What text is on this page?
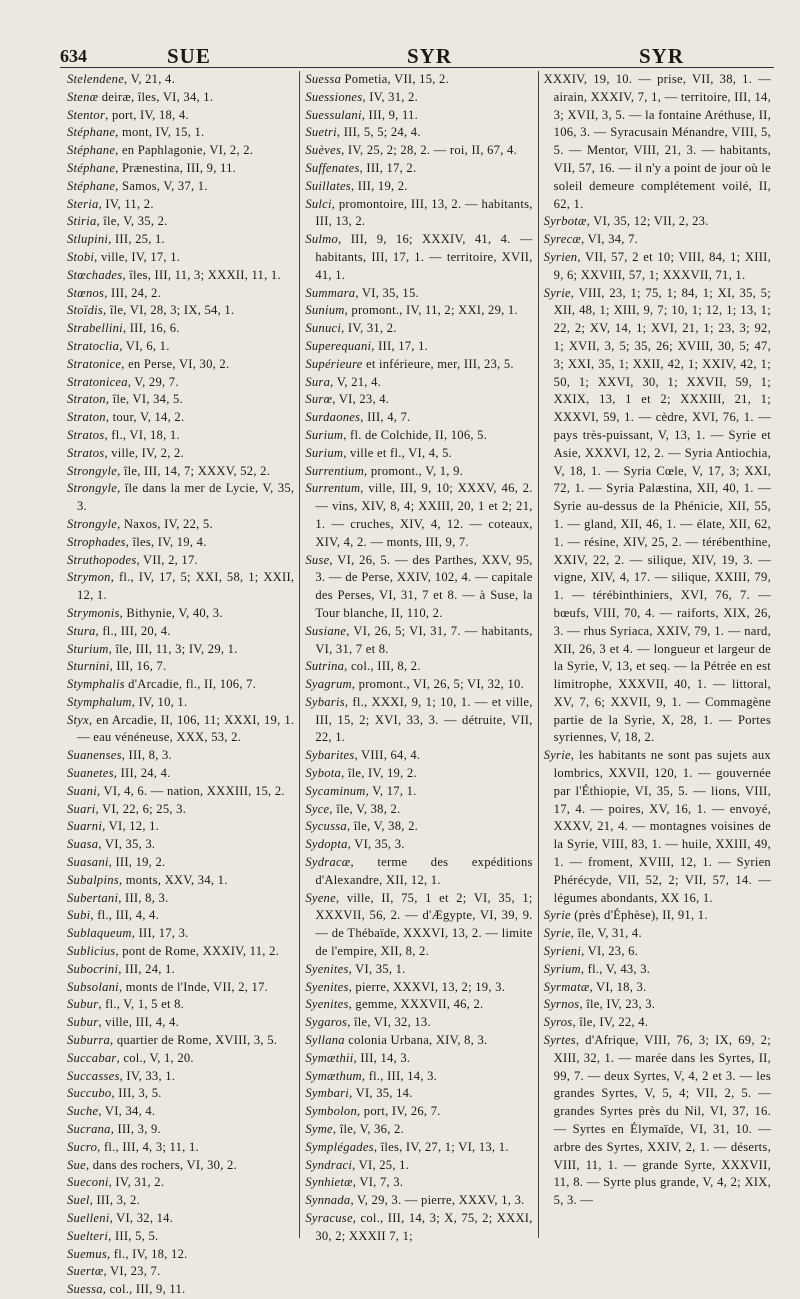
634	SUE	SYR	SYR

Stelendene, V, 21, 4.

Stenæ deiræ, îles, VI, 34, 1.

Stentor, port, IV, 18, 4.

Stéphane, mont, IV, 15, 1.

Stéphane, en Paphlagonie, VI, 2, 2.

Stéphane, Prænestina, III, 9, 11.

Stéphane, Samos, V, 37, 1.

Steria, IV, 11, 2.

Stiria, île, V, 35, 2.

Stlupini, III, 25, 1.

Stobi, ville, IV, 17, 1.

Stœchades, îles, III, 11, 3; XXXII, 11, 1.

Stœnos, III, 24, 2.

Stoïdis, île, VI, 28, 3; IX, 54, 1.

Strabellini, III, 16, 6.

Stratoclia, VI, 6, 1.

Stratonice, en Perse, VI, 30, 2.

Stratonicea, V, 29, 7.

Straton, île, VI, 34, 5.

Straton, tour, V, 14, 2.

Stratos, fl., VI, 18, 1.

Stratos, ville, IV, 2, 2.

Strongyle, île, III, 14, 7; XXXV, 52, 2.

Strongyle, île dans la mer de Lycie, V, 35, 3.

Strongyle, Naxos, IV, 22, 5.

Strophades, îles, IV, 19, 4.

Struthopodes, VII, 2, 17.

Strymon, fl., IV, 17, 5; XXI, 58, 1; XXII, 12, 1.

Strymonis, Bithynie, V, 40, 3.

Stura, fl., III, 20, 4.

Sturium, île, III, 11, 3; IV, 29, 1.

Sturnini, III, 16, 7.

Stymphalis d'Arcadie, fl., II, 106, 7.

Stymphalum, IV, 10, 1.

Styx, en Arcadie, II, 106, 11; XXXI, 19, 1. — eau vénéneuse, XXX, 53, 2.

Suanenses, III, 8, 3.

Suanetes, III, 24, 4.

Suani, VI, 4, 6. — nation, XXXIII, 15, 2.

Suari, VI, 22, 6; 25, 3.

Suarni, VI, 12, 1.

Suasa, VI, 35, 3.

Suasani, III, 19, 2.

Subalpins, monts, XXV, 34, 1.

Subertani, III, 8, 3.

Subi, fl., III, 4, 4.

Sublaqueum, III, 17, 3.

Sublicius, pont de Rome, XXXIV, 11, 2.

Subocrini, III, 24, 1.

Subsolani, monts de l'Inde, VII, 2, 17.

Subur, fl., V, 1, 5 et 8.

Subur, ville, III, 4, 4.

Suburra, quartier de Rome, XVIII, 3, 5.

Succabar, col., V, 1, 20.

Succasses, IV, 33, 1.

Succubo, III, 3, 5.

Suche, VI, 34, 4.

Sucrana, III, 3, 9.

Sucro, fl., III, 4, 3; 11, 1.

Sue, dans des rochers, VI, 30, 2.

Sueconi, IV, 31, 2.

Suel, III, 3, 2.

Suelleni, VI, 32, 14.

Suelteri, III, 5, 5.

Suemus, fl., IV, 18, 12.

Suertæ, VI, 23, 7.

Suessa, col., III, 9, 11.

Suessa Pometia, VII, 15, 2.

Suessiones, IV, 31, 2.

Suessulani, III, 9, 11.

Suetri, III, 5, 5; 24, 4.

Suèves, IV, 25, 2; 28, 2. — roi, II, 67, 4.

Suffenates, III, 17, 2.

Suillates, III, 19, 2.

Sulci, promontoire, III, 13, 2. — habitants, III, 13, 2.

Sulmo, III, 9, 16; XXXIV, 41, 4. — habitants, III, 17, 1. — territoire, XVII, 41, 1.

Summara, VI, 35, 15.

Sunium, promont., IV, 11, 2; XXI, 29, 1.

Sunuci, IV, 31, 2.

Superequani, III, 17, 1.

Supérieure et inférieure, mer, III, 23, 5.

Sura, V, 21, 4.

Surœ, VI, 23, 4.

Surdaones, III, 4, 7.

Surium, fl. de Colchide, II, 106, 5.

Surium, ville et fl., VI, 4, 5.

Surrentium, promont., V, 1, 9.

Surrentum, ville, III, 9, 10; XXXV, 46, 2. — vins, XIV, 8, 4; XXIII, 20, 1 et 2; 21, 1. — cruches, XIV, 4, 12. — coteaux, XIV, 4, 2. — monts, III, 9, 7.

Suse, VI, 26, 5. — des Parthes, XXV, 95, 3. — de Perse, XXIV, 102, 4. — capitale des Perses, VI, 31, 7 et 8. — à Suse, la Tour blanche, II, 110, 2.

Susiane, VI, 26, 5; VI, 31, 7. — habitants, VI, 31, 7 et 8.

Sutrina, col., III, 8, 2.

Syagrum, promont., VI, 26, 5; VI, 32, 10.

Sybaris, fl., XXXI, 9, 1; 10, 1. — et ville, III, 15, 2; XVI, 33, 3. — détruite, VII, 22, 1.

Sybarites, VIII, 64, 4.

Sybota, île, IV, 19, 2.

Sycaminum, V, 17, 1.

Syce, île, V, 38, 2.

Sycussa, île, V, 38, 2.

Sydopta, VI, 35, 3.

Sydracæ, terme des expéditions d'Alexandre, XII, 12, 1.

Syene, ville, II, 75, 1 et 2; VI, 35, 1; XXXVII, 56, 2. — d'Ægypte, VI, 39, 9. — de Thébaïde, XXXVI, 13, 2. — limite de l'empire, XII, 8, 2.

Syenites, VI, 35, 1.

Syenites, pierre, XXXVI, 13, 2; 19, 3.

Syenites, gemme, XXXVII, 46, 2.

Sygaros, île, VI, 32, 13.

Syllana colonia Urbana, XIV, 8, 3.

Symæthii, III, 14, 3.

Symæthum, fl., III, 14, 3.

Symbari, VI, 35, 14.

Symbolon, port, IV, 26, 7.

Syme, île, V, 36, 2.

Symplégades, îles, IV, 27, 1; VI, 13, 1.

Syndraci, VI, 25, 1.

Synhietæ, VI, 7, 3.

Synnada, V, 29, 3. — pierre, XXXV, 1, 3.

Syracuse, col., III, 14, 3; X, 75, 2; XXXI, 30, 2; XXXII 7, 1;

XXXIV, 19, 10. — prise, VII, 38, 1. — airain, XXXIV, 7, 1, — territoire, III, 14, 3; XVII, 3, 5. — la fontaine Aréthuse, II, 106, 3. — Syracusain Ménandre, VIII, 5, 5. — Mentor, VIII, 21, 3. — habitants, VII, 57, 16. — il n'y a point de jour où le soleil demeure complétement voilé, II, 62, 1.

Syrbotæ, VI, 35, 12; VII, 2, 23.

Syrecæ, VI, 34, 7.

Syrien, VII, 57, 2 et 10; VIII, 84, 1; XIII, 9, 6; XXVIII, 57, 1; XXXVII, 71, 1.

Syrie, VIII, 23, 1; 75, 1; 84, 1; XI, 35, 5; XII, 48, 1; XIII, 9, 7; 10, 1; 12, 1; 13, 1; 22, 2; XV, 14, 1; XVI, 21, 1; 23, 3; 92, 1; XVII, 3, 5; 35, 26; XVIII, 30, 5; 47, 3; XXI, 35, 1; XXII, 42, 1; XXIV, 42, 1; 50, 1; XXVI, 30, 1; XXVII, 59, 1; XXIX, 13, 1 et 2; XXXIII, 21, 1; XXXVI, 59, 1. — cèdre, XVI, 76, 1. — pays très-puissant, V, 13, 1. — Syrie et Asie, XXXVI, 12, 2. — Syria Antiochia, V, 18, 1. — Syria Cœle, V, 17, 3; XXI, 72, 1. — Syria Palæstina, XII, 40, 1. — Syrie au-dessus de la Phénicie, XII, 55, 1. — gland, XII, 46, 1. — élate, XII, 62, 1. — résine, XIV, 25, 2. — térébenthine, XXIV, 22, 2. — silique, XIV, 19, 3. — vigne, XIV, 4, 17. — silique, XXIII, 79, 1. — térébinthiniers, XVI, 76, 7. — bœufs, VIII, 70, 4. — raiforts, XIX, 26, 3. — rhus Syriaca, XXIV, 79, 1. — nard, XII, 26, 3 et 4. — longueur et largeur de la Syrie, V, 13, et seq. — la Pétrée en est limitrophe, XXXVII, 40, 1. — littoral, XV, 7, 6; XXVII, 9, 1. — Commagène partie de la Syrie, X, 28, 1. — Portes syriennes, V, 18, 2.

Syrie, les habitants ne sont pas sujets aux lombrics, XXVII, 120, 1. — gouvernée par l'Éthiopie, VI, 35, 5. — lions, VIII, 17, 4. — poires, XV, 16, 1. — envoyé, XXXV, 21, 4. — montagnes voisines de la Syrie, VIII, 83, 1. — huile, XXIII, 49, 1. — froment, XVIII, 12, 1. — Syrien Phérécyde, VII, 52, 2; VII, 57, 14. — légumes abondants, XX 16, 1.

Syrie (près d'Éphèse), II, 91, 1.

Syrie, île, V, 31, 4.

Syrieni, VI, 23, 6.

Syrium, fl., V, 43, 3.

Syrmatæ, VI, 18, 3.

Syrnos, île, IV, 23, 3.

Syros, île, IV, 22, 4.

Syrtes, d'Afrique, VIII, 76, 3; IX, 69, 2; XIII, 32, 1. — marée dans les Syrtes, II, 99, 7. — deux Syrtes, V, 4, 2 et 3. — les grandes Syrtes, V, 5, 4; VII, 2, 5. — grandes Syrtes près du Nil, VI, 37, 16. — Syrtes en Élymaïde, VI, 31, 10. — arbre des Syrtes, XXIV, 2, 1. — déserts, VIII, 11, 1. — grande Syrte, XXXVII, 11, 8. — Syrte plus grande, V, 4, 2; XIX, 5, 3. —
